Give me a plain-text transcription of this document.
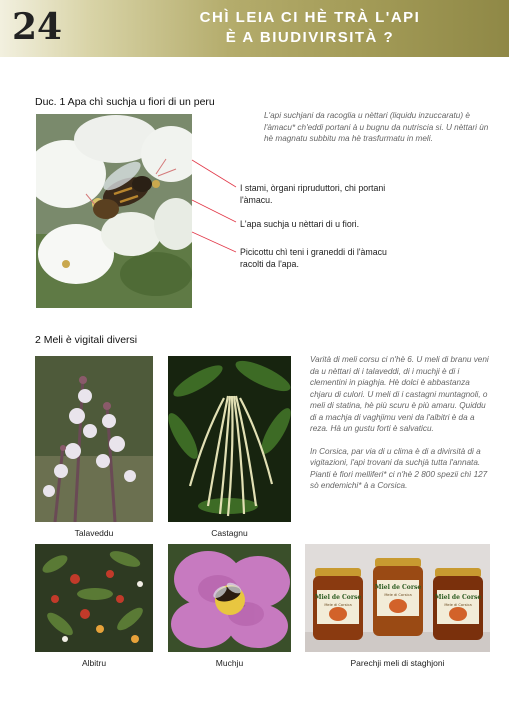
24	CHÌ LEIA CI HÈ TRÀ L'API
È A BIUDIVIRSITÀ ?
Duc. 1 Apa chì suchja u fiori di un peru
L'api suchjani da racoglia u nèttari (liquidu inzuccaratu) è l'àmacu* ch'eddi portani à u bugnu da nutriscia si. U nèttari ùn hè magnatu subbitu ma hè trasfurmatu in meli.
I stami, òrgani ripruduttori, chi portani l'àmacu.
L'apa suchja u nèttari di u fiori.
Picicottu chì teni i graneddi di l'àmacu racolti da l'apa.
2 Meli è vigitali diversi
Talaveddu	Castagnu

Varità di meli corsu ci n'hè 6. U meli di branu veni da u nèttari di i talaveddi, di i muchji è di i clementini in piaghja. Hè dolci è abbastanza chjaru di culori. U meli di i castagni muntagnoli, o meli di statina, hè più scuru è più amaru. Quiddu di a machja di vaghjimu veni da l'albitri è da a reza. Hà un gustu forti è salvaticu.

In Corsica, par via di u clima è di a divirsità di a vigitazioni, l'api trovani da suchjà tutta l'annata. Pianti è fiori melliferi* ci n'hè 2 800 spezii chì 127 sò endemichi* à a Corsica.

Albitru	Muchju
Miel de Corse
Miel de Corse
Miel de Corse
Mele di Corsica
Mele di Corsica
Mele di Corsica
Parechji meli di staghjoni
